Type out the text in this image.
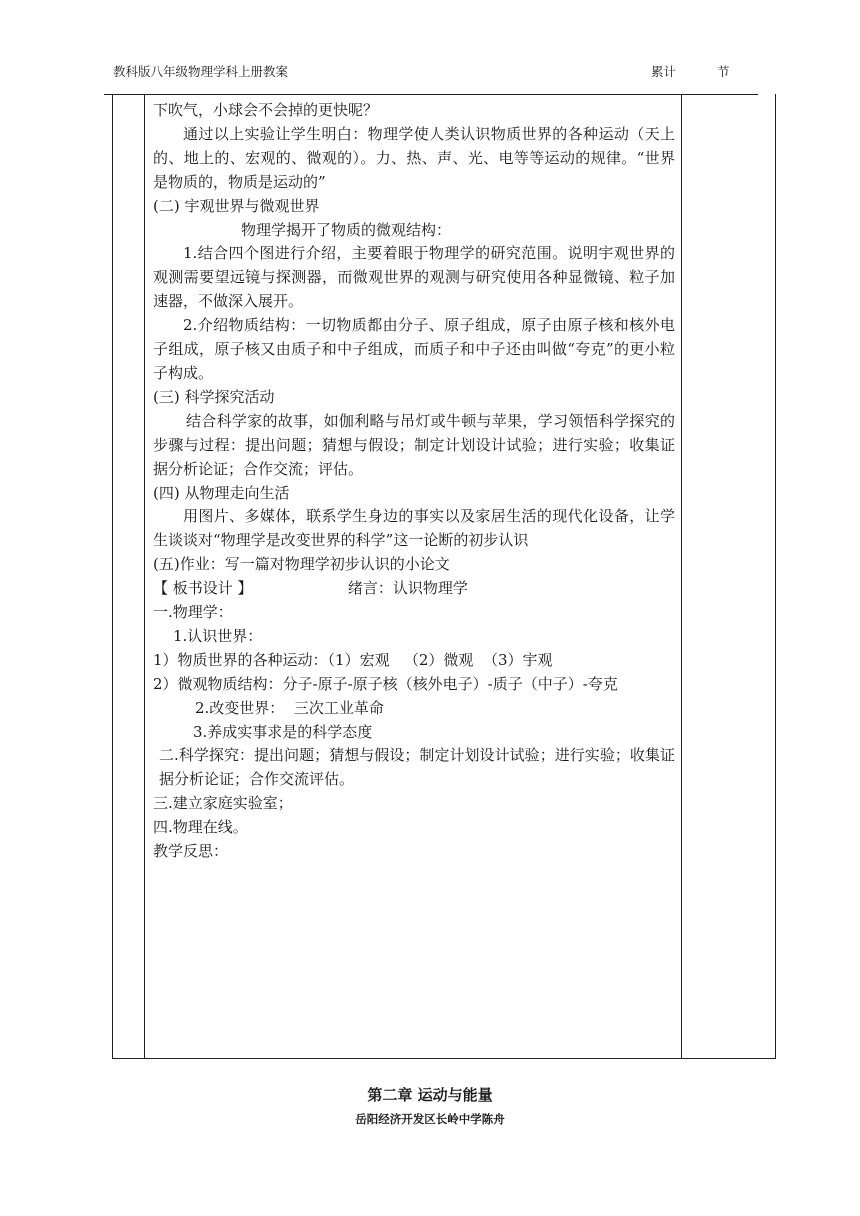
教科版八年级物理学科上册教案	累计	节

下吹气，小球会不会掉的更快呢？

通过以上实验让学生明白：物理学使人类认识物质世界的各种运动（天上的、地上的、宏观的、微观的）。力、热、声、光、电等等运动的规律。“世界是物质的，物质是运动的”

(二) 宇观世界与微观世界

物理学揭开了物质的微观结构：

1.结合四个图进行介绍，主要着眼于物理学的研究范围。说明宇观世界的观测需要望远镜与探测器，而微观世界的观测与研究使用各种显微镜、粒子加速器，不做深入展开。

2.介绍物质结构：一切物质都由分子、原子组成，原子由原子核和核外电子组成，原子核又由质子和中子组成，而质子和中子还由叫做“夸克”的更小粒子构成。

(三) 科学探究活动

结合科学家的故事，如伽利略与吊灯或牛顿与苹果，学习领悟科学探究的步骤与过程：提出问题；猜想与假设；制定计划设计试验；进行实验；收集证据分析论证；合作交流；评估。

(四) 从物理走向生活

用图片、多媒体，联系学生身边的事实以及家居生活的现代化设备，让学生谈谈对“物理学是改变世界的科学”这一论断的初步认识

(五)作业：写一篇对物理学初步认识的小论文

【 板书设计 】                    绪言：认识物理学

一.物理学：

1.认识世界：

1）物质世界的各种运动：（1）宏观   （2）微观  （3）宇观

2）微观物质结构：分子-原子-原子核（核外电子）-质子（中子）-夸克

2.改变世界：  三次工业革命

3.养成实事求是的科学态度

二.科学探究：提出问题；猜想与假设；制定计划设计试验；进行实验；收集证据分析论证；合作交流评估。

三.建立家庭实验室；

四.物理在线。

教学反思：

第二章 运动与能量
岳阳经济开发区长岭中学陈舟
